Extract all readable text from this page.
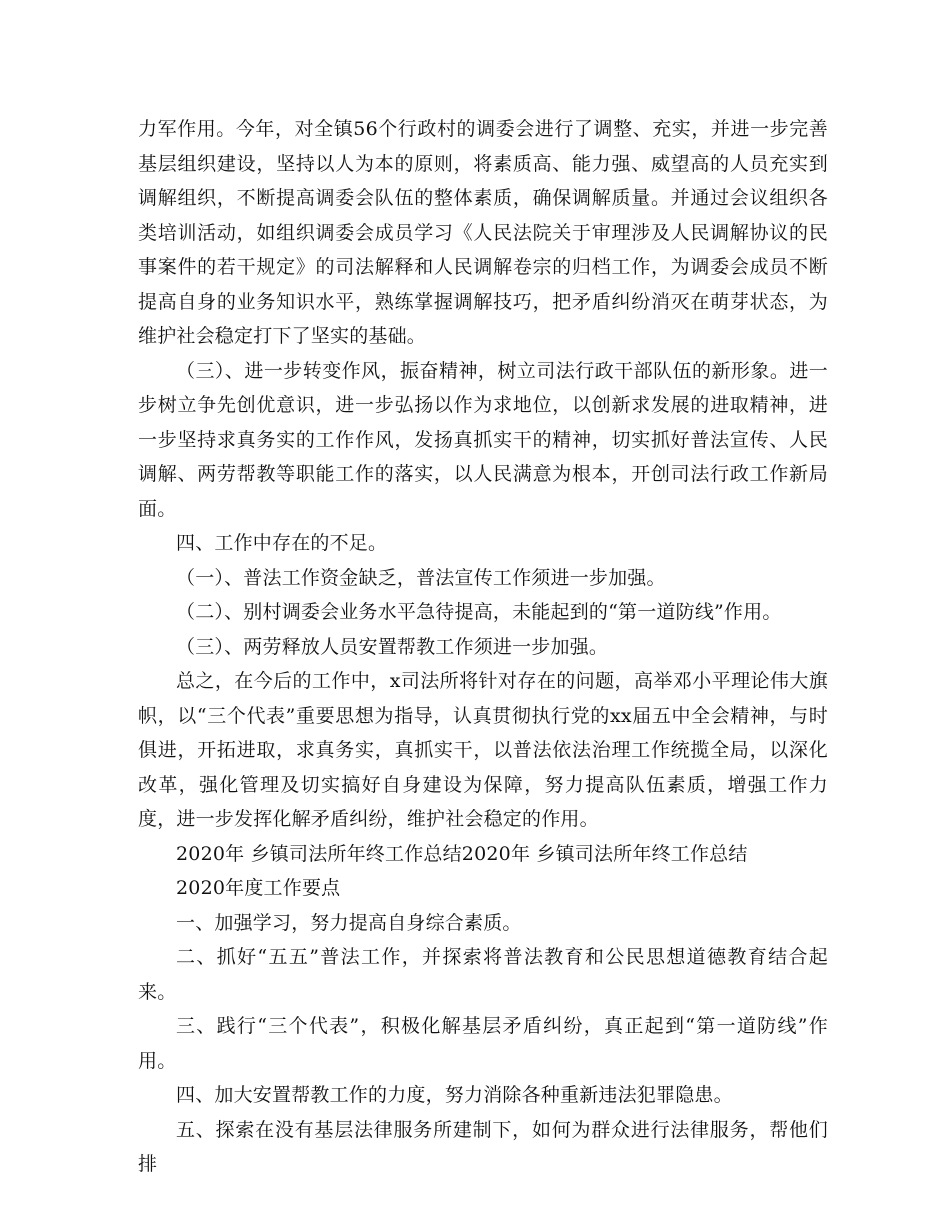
力军作用。今年，对全镇56个行政村的调委会进行了调整、充实，并进一步完善基层组织建设，坚持以人为本的原则，将素质高、能力强、威望高的人员充实到调解组织，不断提高调委会队伍的整体素质，确保调解质量。并通过会议组织各类培训活动，如组织调委会成员学习《人民法院关于审理涉及人民调解协议的民事案件的若干规定》的司法解释和人民调解卷宗的归档工作，为调委会成员不断提高自身的业务知识水平，熟练掌握调解技巧，把矛盾纠纷消灭在萌芽状态，为维护社会稳定打下了坚实的基础。

（三）、进一步转变作风，振奋精神，树立司法行政干部队伍的新形象。进一步树立争先创优意识，进一步弘扬以作为求地位，以创新求发展的进取精神，进一步坚持求真务实的工作作风，发扬真抓实干的精神，切实抓好普法宣传、人民调解、两劳帮教等职能工作的落实，以人民满意为根本，开创司法行政工作新局面。

四、工作中存在的不足。

（一）、普法工作资金缺乏，普法宣传工作须进一步加强。

（二）、别村调委会业务水平急待提高，未能起到的“第一道防线”作用。

（三）、两劳释放人员安置帮教工作须进一步加强。

总之，在今后的工作中，x司法所将针对存在的问题，高举邓小平理论伟大旗帜，以“三个代表”重要思想为指导，认真贯彻执行党的xx届五中全会精神，与时俱进，开拓进取，求真务实，真抓实干，以普法依法治理工作统揽全局，以深化改革，强化管理及切实搞好自身建设为保障，努力提高队伍素质，增强工作力度，进一步发挥化解矛盾纠纷，维护社会稳定的作用。

2020年 乡镇司法所年终工作总结2020年 乡镇司法所年终工作总结

2020年度工作要点

一、加强学习，努力提高自身综合素质。

二、抓好“五五”普法工作，并探索将普法教育和公民思想道德教育结合起来。

三、践行“三个代表”，积极化解基层矛盾纠纷，真正起到“第一道防线”作用。

四、加大安置帮教工作的力度，努力消除各种重新违法犯罪隐患。

五、探索在没有基层法律服务所建制下，如何为群众进行法律服务，帮他们排
